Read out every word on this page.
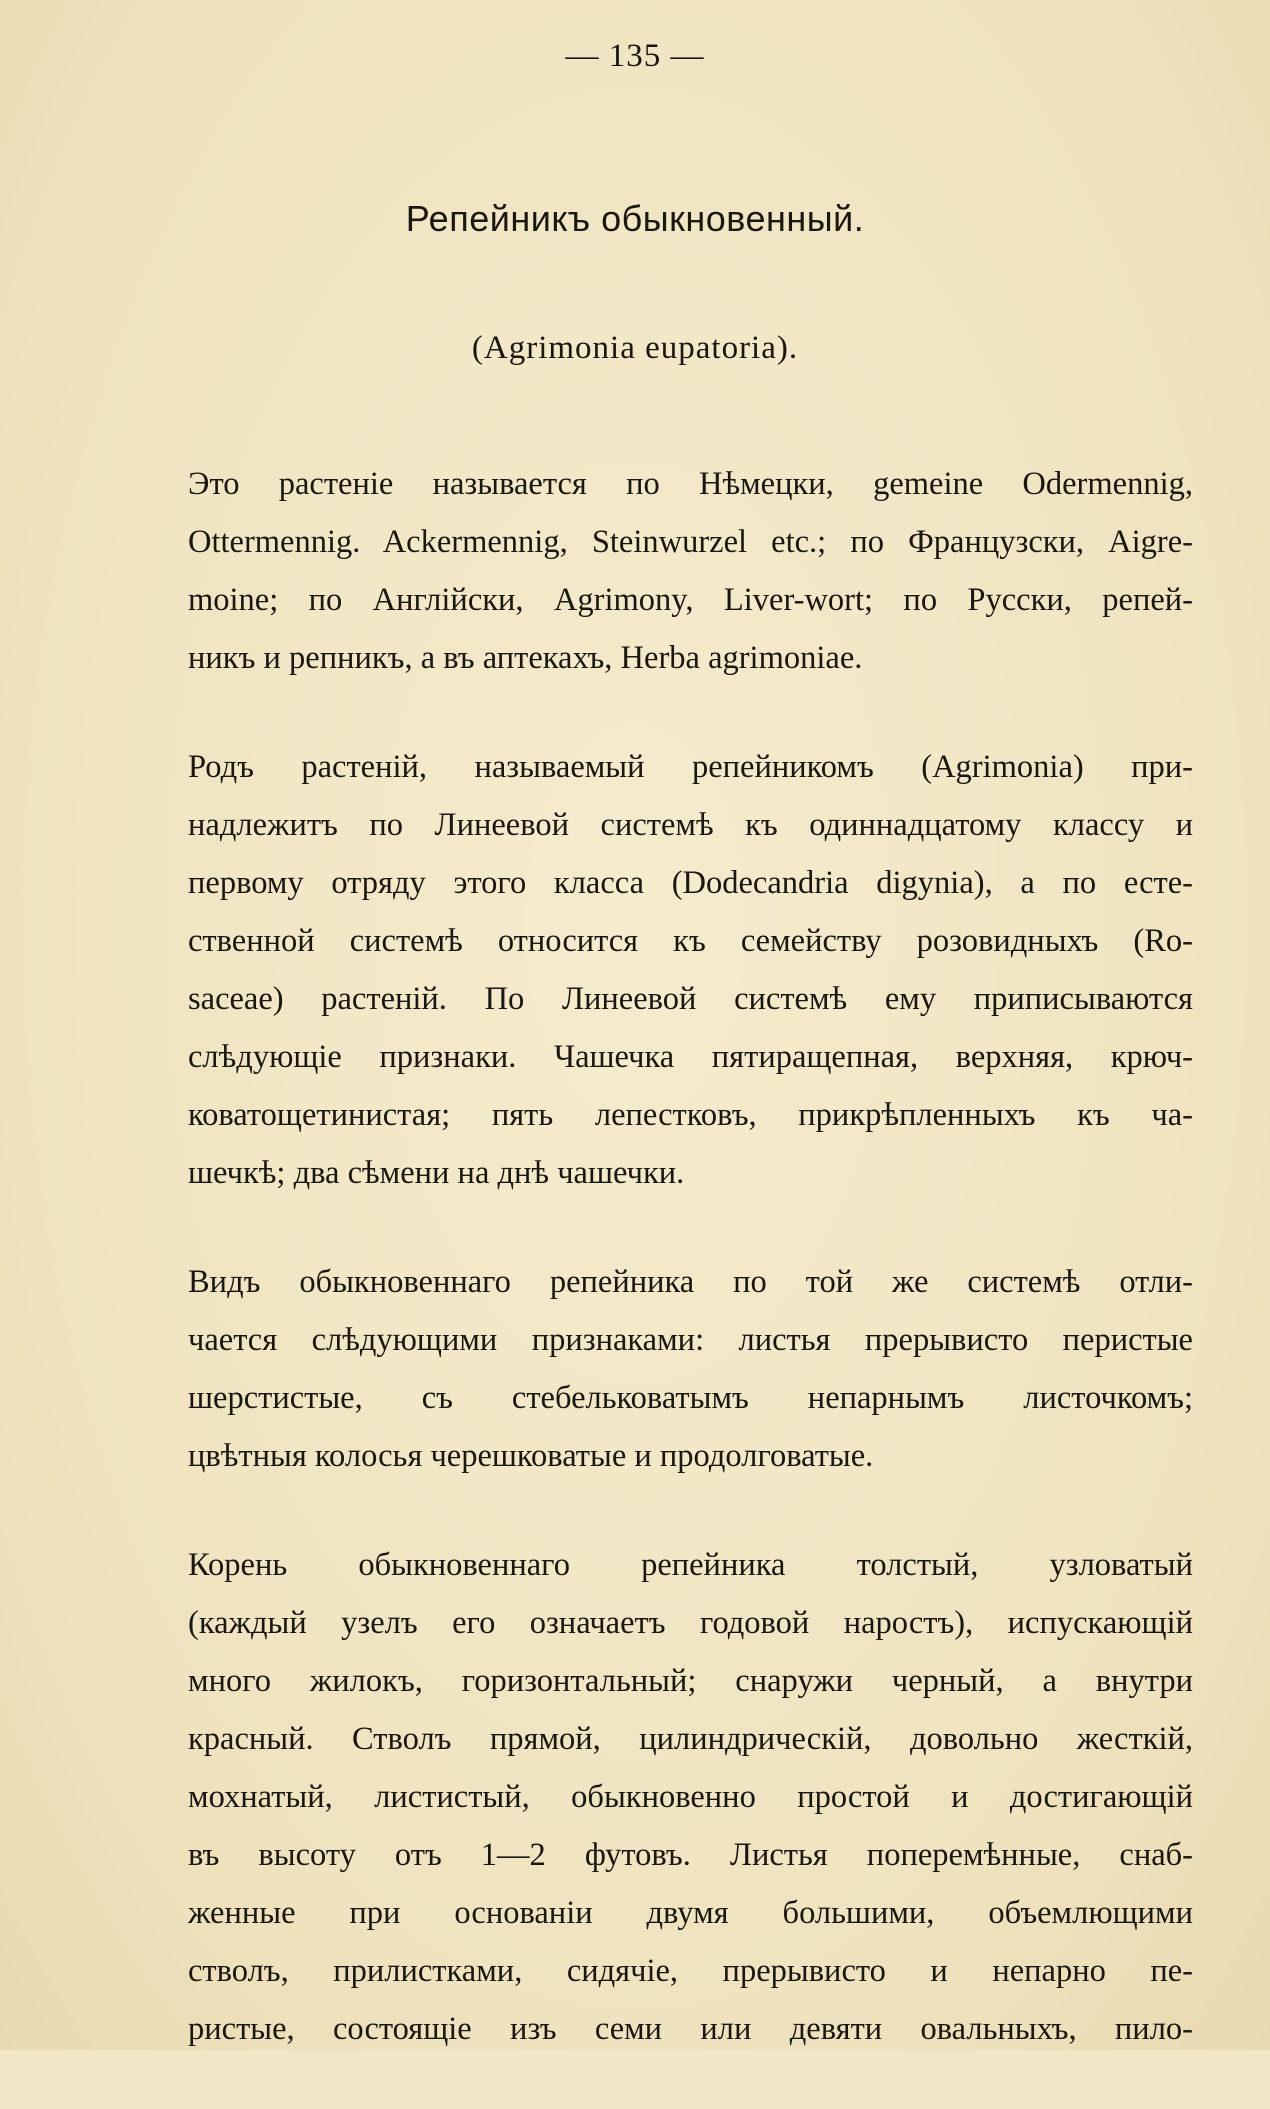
— 135 —
Репейникъ обыкновенный.
(Agrimonia eupatoria).
Это растеніе называется по Нѣмецки, gemeine Odermennig,
Ottermennig. Ackermennig, Steinwurzel etc.; по Французски, Aigre-
moine; по Англійски, Agrimony, Liver-wort; по Русски, репей-
никъ и репникъ, а въ аптекахъ, Herba agrimoniae.
Родъ растеній, называемый репейникомъ (Agrimonia) при-
надлежитъ по Линеевой системѣ къ одиннадцатому классу и
первому отряду этого класса (Dodecandria digynia), а по есте-
ственной системѣ относится къ семейству розовидныхъ (Ro-
saceae) растеній. По Линеевой системѣ ему приписываются
слѣдующіе признаки. Чашечка пятиращепная, верхняя, крюч-
коватощетинистая; пять лепестковъ, прикрѣпленныхъ къ ча-
шечкѣ; два сѣмени на днѣ чашечки.
Видъ обыкновеннаго репейника по той же системѣ отли-
чается слѣдующими признаками: листья прерывисто перистые
шерстистые, съ стебельковатымъ непарнымъ листочкомъ;
цвѣтныя колосья черешковатые и продолговатые.
Корень обыкновеннаго репейника толстый, узловатый
(каждый узелъ его означаетъ годовой наростъ), испускающій
много жилокъ, горизонтальный; снаружи черный, а внутри
красный. Стволъ прямой, цилиндрическій, довольно жесткій,
мохнатый, листистый, обыкновенно простой и достигающій
въ высоту отъ 1—2 футовъ. Листья поперемѣнные, снаб-
женные при основаніи двумя большими, объемлющими
стволъ, прилистками, сидячіе, прерывисто и непарно пе-
ристые, состоящіе изъ семи или девяти овальныхъ, пило-
